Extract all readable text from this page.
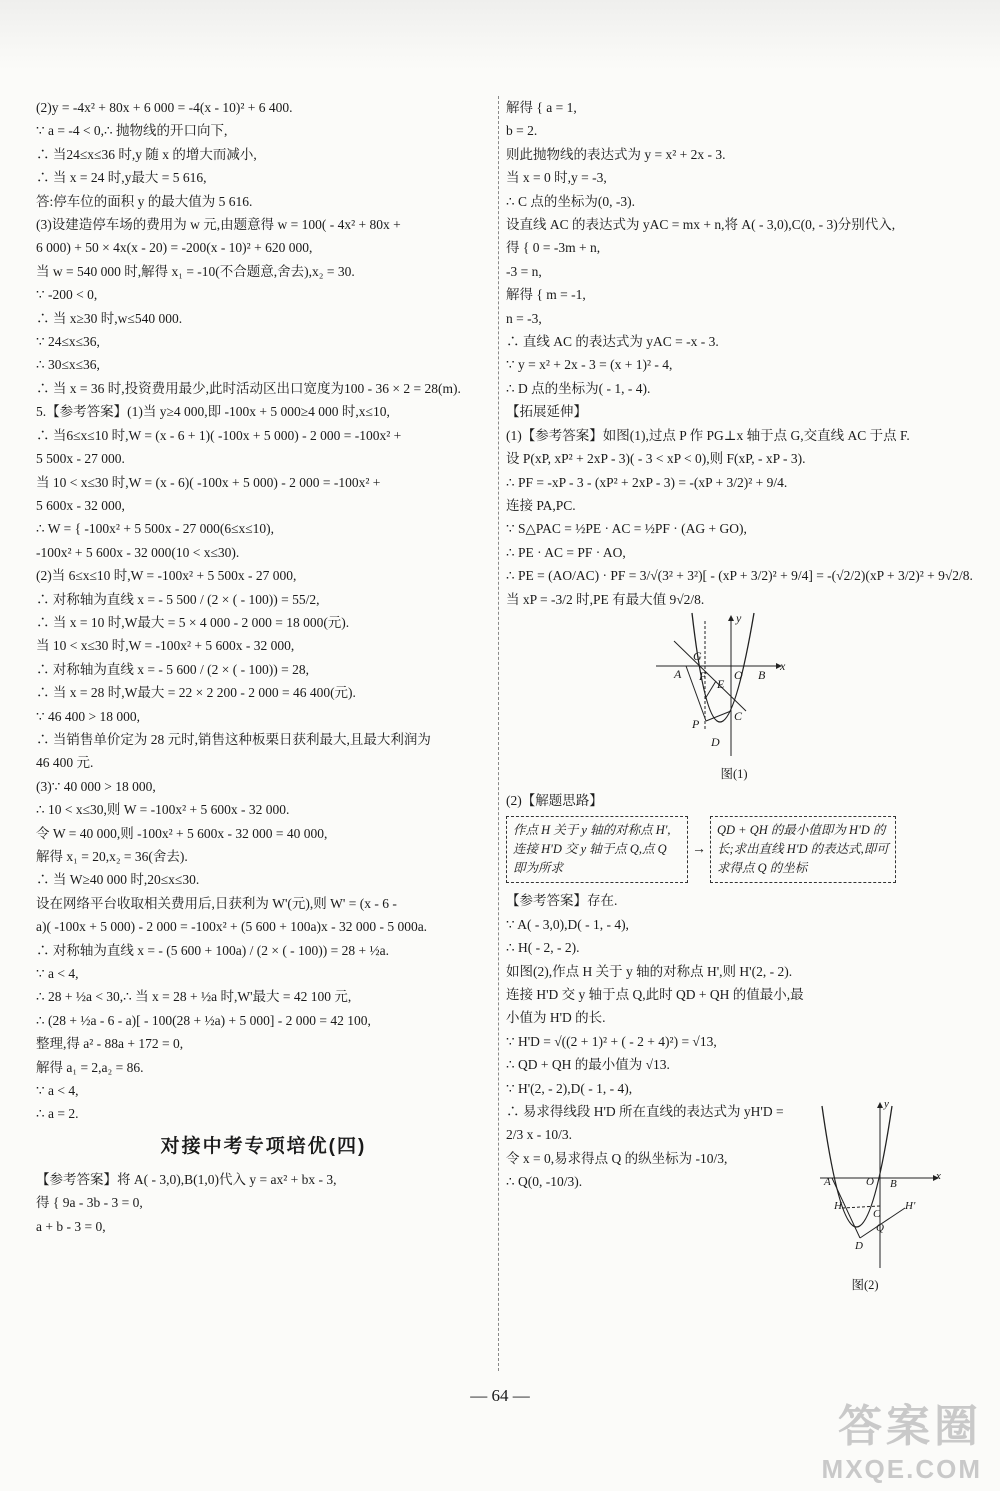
(2)y = -4x² + 80x + 6 000 = -4(x - 10)² + 6 400.
∵ a = -4 < 0,∴ 抛物线的开口向下,
∴ 当24≤x≤36 时,y 随 x 的增大而减小,
∴ 当 x = 24 时,y最大 = 5 616,
答:停车位的面积 y 的最大值为 5 616.
(3)设建造停车场的费用为 w 元,由题意得 w = 100( - 4x² + 80x +
6 000) + 50 × 4x(x - 20) = -200(x - 10)² + 620 000,
当 w = 540 000 时,解得 x₁ = -10(不合题意,舍去),x₂ = 30.
∵ -200 < 0,
∴ 当 x≥30 时,w≤540 000.
∵ 24≤x≤36,
∴ 30≤x≤36,
∴ 当 x = 36 时,投资费用最少,此时活动区出口宽度为100 - 36 × 2 = 28(m).
5.【参考答案】(1)当 y≥4 000,即 -100x + 5 000≥4 000 时,x≤10,
∴ 当6≤x≤10 时,W = (x - 6 + 1)( -100x + 5 000) - 2 000 = -100x² +
5 500x - 27 000.
当 10 < x≤30 时,W = (x - 6)( -100x + 5 000) - 2 000 = -100x² +
5 600x - 32 000,
∴ W = { -100x² + 5 500x - 27 000(6≤x≤10),
-100x² + 5 600x - 32 000(10 < x≤30).
(2)当 6≤x≤10 时,W = -100x² + 5 500x - 27 000,
∴ 对称轴为直线 x = - 5 500 / (2 × ( - 100)) = 55/2,
∴ 当 x = 10 时,W最大 = 5 × 4 000 - 2 000 = 18 000(元).
当 10 < x≤30 时,W = -100x² + 5 600x - 32 000,
∴ 对称轴为直线 x = - 5 600 / (2 × ( - 100)) = 28,
∴ 当 x = 28 时,W最大 = 22 × 2 200 - 2 000 = 46 400(元).
∵ 46 400 > 18 000,
∴ 当销售单价定为 28 元时,销售这种板栗日获利最大,且最大利润为
46 400 元.
(3)∵ 40 000 > 18 000,
∴ 10 < x≤30,则 W = -100x² + 5 600x - 32 000.
令 W = 40 000,则 -100x² + 5 600x - 32 000 = 40 000,
解得 x₁ = 20,x₂ = 36(舍去).
∴ 当 W≥40 000 时,20≤x≤30.
设在网络平台收取相关费用后,日获利为 W'(元),则 W' = (x - 6 -
a)( -100x + 5 000) - 2 000 = -100x² + (5 600 + 100a)x - 32 000 - 5 000a.
∴ 对称轴为直线 x = - (5 600 + 100a) / (2 × ( - 100)) = 28 + ½a.
∵ a < 4,
∴ 28 + ½a < 30,∴ 当 x = 28 + ½a 时,W'最大 = 42 100 元,
∴ (28 + ½a - 6 - a)[ - 100(28 + ½a) + 5 000] - 2 000 = 42 100,
整理,得 a² - 88a + 172 = 0,
解得 a₁ = 2,a₂ = 86.
∵ a < 4,
∴ a = 2.
对接中考专项培优(四)
【参考答案】将 A( - 3,0),B(1,0)代入 y = ax² + bx - 3,
得 { 9a - 3b - 3 = 0,
a + b - 3 = 0,
解得 { a = 1,
b = 2.
则此抛物线的表达式为 y = x² + 2x - 3.
当 x = 0 时,y = -3,
∴ C 点的坐标为(0, -3).
设直线 AC 的表达式为 yAC = mx + n,将 A( - 3,0),C(0, - 3)分别代入,
得 { 0 = -3m + n,
-3 = n,
解得 { m = -1,
n = -3,
∴ 直线 AC 的表达式为 yAC = -x - 3.
∵ y = x² + 2x - 3 = (x + 1)² - 4,
∴ D 点的坐标为( - 1, - 4).
【拓展延伸】
(1)【参考答案】如图(1),过点 P 作 PG⊥x 轴于点 G,交直线 AC 于点 F.
设 P(xP, xP² + 2xP - 3)( - 3 < xP < 0),则 F(xP, - xP - 3).
∴ PF = -xP - 3 - (xP² + 2xP - 3) = -(xP + 3/2)² + 9/4.
连接 PA,PC.
∵ S△PAC = ½PE · AC = ½PF · (AG + GO),
∴ PE · AC = PF · AO,
∴ PE = (AO/AC) · PF = 3/√(3² + 3²)[ - (xP + 3/2)² + 9/4] = -(√2/2)(xP + 3/2)² + 9√2/8.
当 xP = -3/2 时,PE 有最大值 9√2/8.
G
A F
E
O B
P
C
D
x
y
图(1)
(2)【解题思路】
作点 H 关于 y 轴的对称点 H',连接 H'D 交 y 轴于点 Q,点 Q 即为所求
→
QD + QH 的最小值即为 H'D 的长;求出直线 H'D 的表达式,即可求得点 Q 的坐标
【参考答案】存在.
∵ A( - 3,0),D( - 1, - 4),
∴ H( - 2, - 2).
如图(2),作点 H 关于 y 轴的对称点 H',则 H'(2, - 2).
连接 H'D 交 y 轴于点 Q,此时 QD + QH 的值最小,最
小值为 H'D 的长.
∵ H'D = √((2 + 1)² + ( - 2 + 4)²) = √13,
∴ QD + QH 的最小值为 √13.
∵ H'(2, - 2),D( - 1, - 4),
∴ 易求得线段 H'D 所在直线的表达式为 yH'D =
2/3 x - 10/3.
令 x = 0,易求得点 Q 的纵坐标为 -10/3,
∴ Q(0, -10/3).	A	O B
H
C
H'
D
Q
x
y
图(2)
— 64 —
答案圈
MXQE.COM
